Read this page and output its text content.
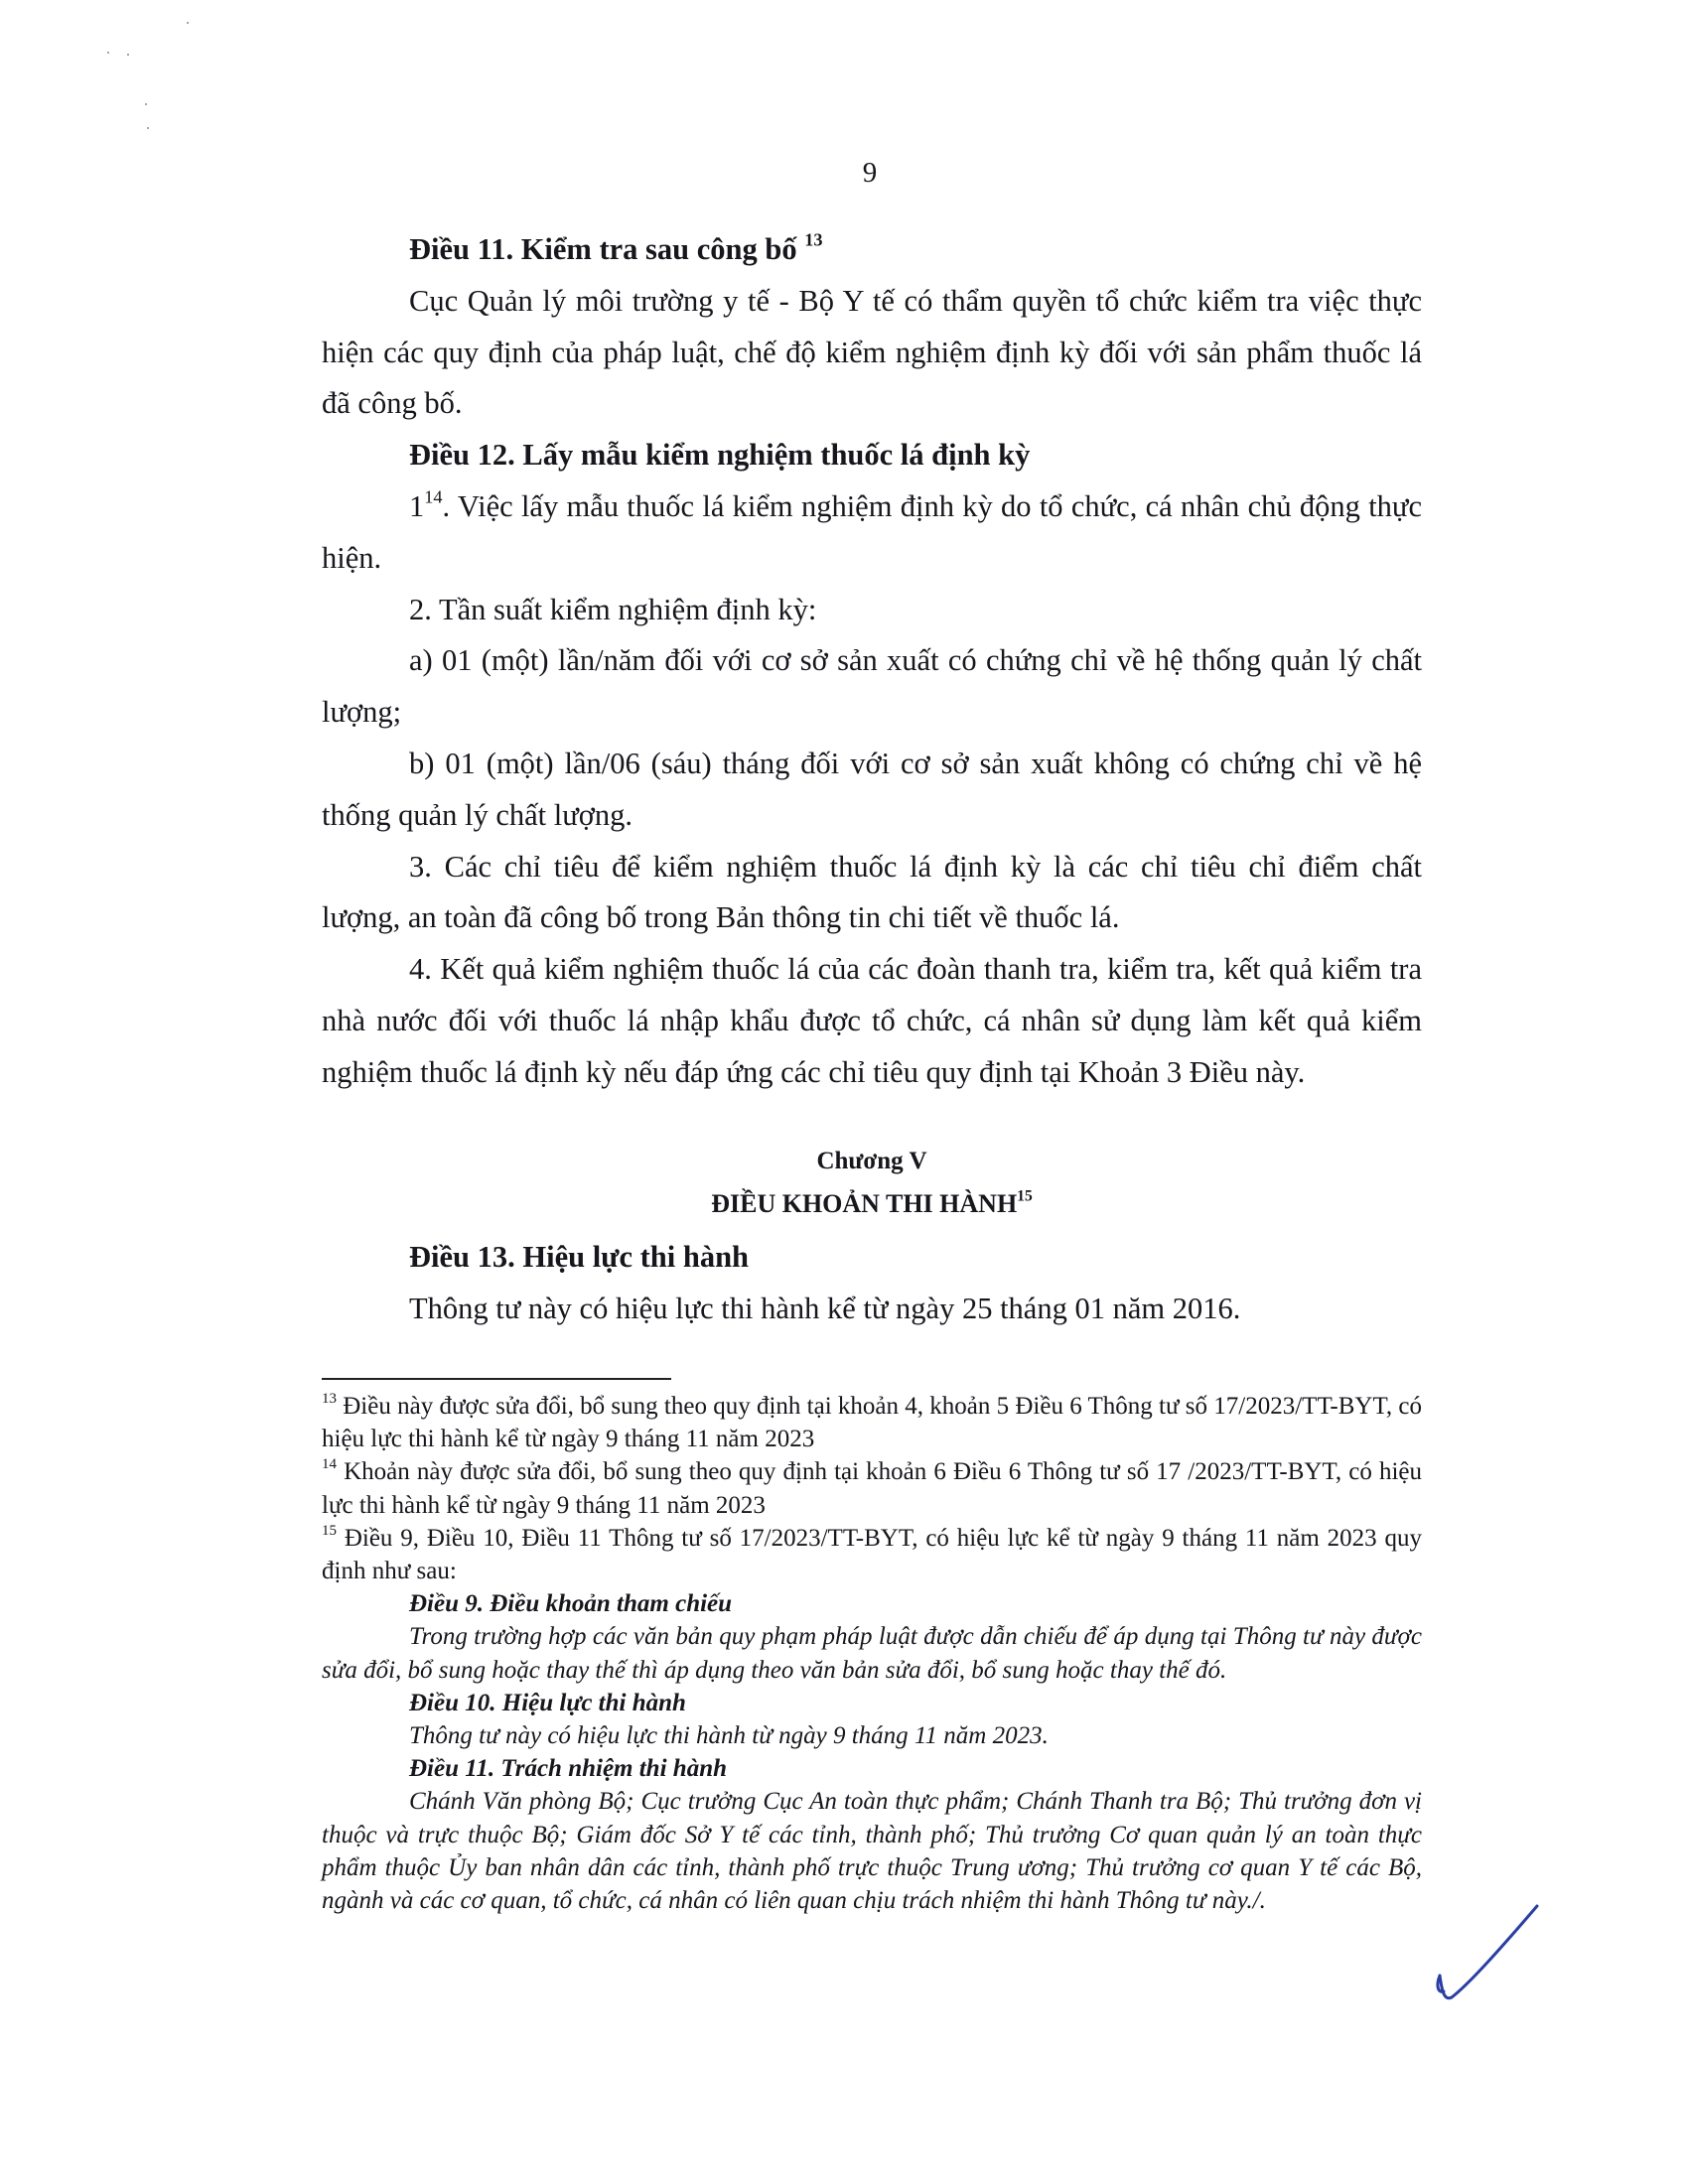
9

Điều 11. Kiểm tra sau công bố $^{13}$

Cục Quản lý môi trường y tế - Bộ Y tế có thẩm quyền tổ chức kiểm tra việc thực hiện các quy định của pháp luật, chế độ kiểm nghiệm định kỳ đối với sản phẩm thuốc lá đã công bố.

Điều 12. Lấy mẫu kiểm nghiệm thuốc lá định kỳ

$1^{14}$. Việc lấy mẫu thuốc lá kiểm nghiệm định kỳ do tổ chức, cá nhân chủ động thực hiện.

2. Tần suất kiểm nghiệm định kỳ:

a) 01 (một) lần/năm đối với cơ sở sản xuất có chứng chỉ về hệ thống quản lý chất lượng;

b) 01 (một) lần/06 (sáu) tháng đối với cơ sở sản xuất không có chứng chỉ về hệ thống quản lý chất lượng.

3. Các chỉ tiêu để kiểm nghiệm thuốc lá định kỳ là các chỉ tiêu chỉ điểm chất lượng, an toàn đã công bố trong Bản thông tin chi tiết về thuốc lá.

4. Kết quả kiểm nghiệm thuốc lá của các đoàn thanh tra, kiểm tra, kết quả kiểm tra nhà nước đối với thuốc lá nhập khẩu được tổ chức, cá nhân sử dụng làm kết quả kiểm nghiệm thuốc lá định kỳ nếu đáp ứng các chỉ tiêu quy định tại Khoản 3 Điều này.

Chương V
ĐIỀU KHOẢN THI HÀNH$^{15}$

Điều 13. Hiệu lực thi hành

Thông tư này có hiệu lực thi hành kể từ ngày 25 tháng 01 năm 2016.

$^{13}$ Điều này được sửa đổi, bổ sung theo quy định tại khoản 4, khoản 5 Điều 6 Thông tư số 17/2023/TT-BYT, có hiệu lực thi hành kể từ ngày 9 tháng 11 năm 2023

$^{14}$ Khoản này được sửa đổi, bổ sung theo quy định tại khoản 6 Điều 6 Thông tư số 17 /2023/TT-BYT, có hiệu lực thi hành kể từ ngày 9 tháng 11 năm 2023

$^{15}$ Điều 9, Điều 10, Điều 11 Thông tư số 17/2023/TT-BYT, có hiệu lực kể từ ngày 9 tháng 11 năm 2023 quy định như sau:

Điều 9. Điều khoản tham chiếu

Trong trường hợp các văn bản quy phạm pháp luật được dẫn chiếu để áp dụng tại Thông tư này được sửa đổi, bổ sung hoặc thay thế thì áp dụng theo văn bản sửa đổi, bổ sung hoặc thay thế đó.

Điều 10. Hiệu lực thi hành

Thông tư này có hiệu lực thi hành từ ngày 9 tháng 11 năm 2023.

Điều 11. Trách nhiệm thi hành

Chánh Văn phòng Bộ; Cục trưởng Cục An toàn thực phẩm; Chánh Thanh tra Bộ; Thủ trưởng đơn vị thuộc và trực thuộc Bộ; Giám đốc Sở Y tế các tỉnh, thành phố; Thủ trưởng Cơ quan quản lý an toàn thực phẩm thuộc Ủy ban nhân dân các tỉnh, thành phố trực thuộc Trung ương; Thủ trưởng cơ quan Y tế các Bộ, ngành và các cơ quan, tổ chức, cá nhân có liên quan chịu trách nhiệm thi hành Thông tư này./.
